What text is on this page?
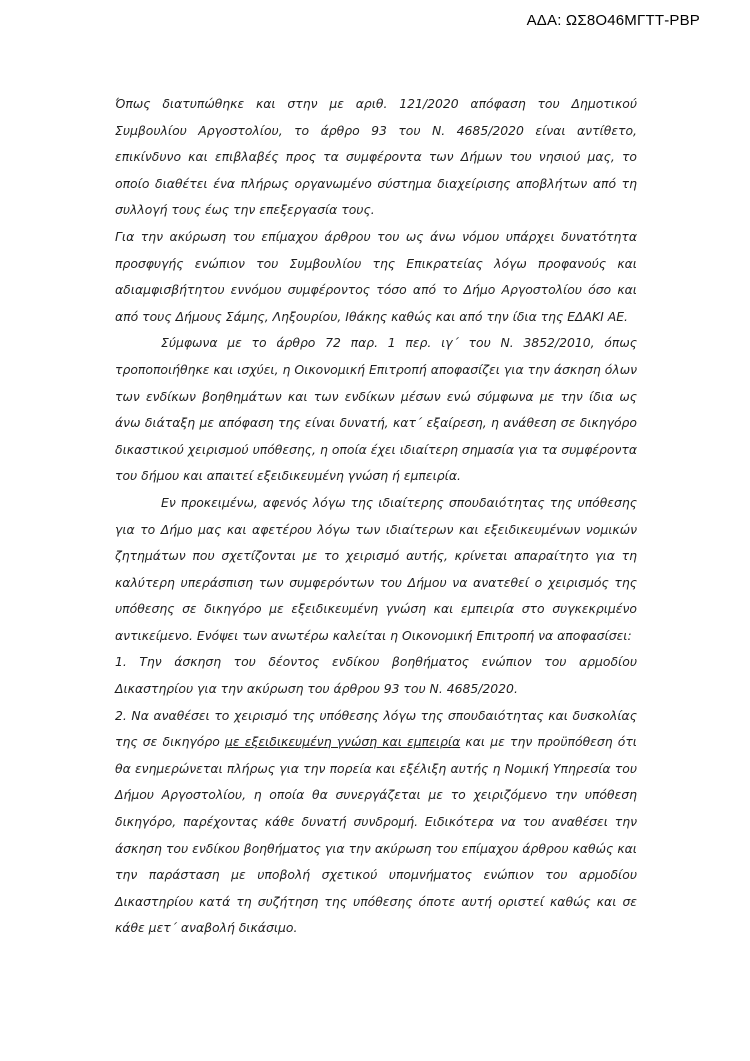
ΑΔΑ: ΩΣ8Ο46ΜΓΤΤ-ΡΒΡ

Όπως διατυπώθηκε και στην με αριθ. 121/2020 απόφαση του Δημοτικού Συμβουλίου Αργοστολίου, το άρθρο 93 του Ν. 4685/2020 είναι αντίθετο, επικίνδυνο και επιβλαβές προς τα συμφέροντα των Δήμων του νησιού μας, το οποίο διαθέτει ένα πλήρως οργανωμένο σύστημα διαχείρισης αποβλήτων από τη συλλογή τους έως την επεξεργασία τους.

Για την ακύρωση του επίμαχου άρθρου του ως άνω νόμου υπάρχει δυνατότητα προσφυγής ενώπιον του Συμβουλίου της Επικρατείας λόγω προφανούς και αδιαμφισβήτητου εννόμου συμφέροντος τόσο από το Δήμο Αργοστολίου όσο και από τους Δήμους Σάμης, Ληξουρίου, Ιθάκης καθώς και από την ίδια της ΕΔΑΚΙ ΑΕ.

Σύμφωνα με το άρθρο 72 παρ. 1 περ. ιγ΄ του Ν. 3852/2010, όπως τροποποιήθηκε και ισχύει, η Οικονομική Επιτροπή αποφασίζει για την άσκηση όλων των ενδίκων βοηθημάτων και των ενδίκων μέσων ενώ σύμφωνα με την ίδια ως άνω διάταξη με απόφαση της είναι δυνατή, κατ΄ εξαίρεση, η ανάθεση σε δικηγόρο δικαστικού χειρισμού υπόθεσης, η οποία έχει ιδιαίτερη σημασία για τα συμφέροντα του δήμου και απαιτεί εξειδικευμένη γνώση ή εμπειρία.

Εν προκειμένω, αφενός λόγω της ιδιαίτερης σπουδαιότητας της υπόθεσης για το Δήμο μας και αφετέρου λόγω των ιδιαίτερων και εξειδικευμένων νομικών ζητημάτων που σχετίζονται με το χειρισμό αυτής, κρίνεται απαραίτητο για τη καλύτερη υπεράσπιση των συμφερόντων του Δήμου να ανατεθεί ο χειρισμός της υπόθεσης σε δικηγόρο με εξειδικευμένη γνώση και εμπειρία στο συγκεκριμένο αντικείμενο. Ενόψει των ανωτέρω καλείται η Οικονομική Επιτροπή να αποφασίσει:

1. Την άσκηση του δέοντος ενδίκου βοηθήματος ενώπιον του αρμοδίου Δικαστηρίου για την ακύρωση του άρθρου 93 του Ν. 4685/2020.

2. Να αναθέσει το χειρισμό της υπόθεσης λόγω της σπουδαιότητας και δυσκολίας της σε δικηγόρο με εξειδικευμένη γνώση και εμπειρία και με την προϋπόθεση ότι θα ενημερώνεται πλήρως για την πορεία και εξέλιξη αυτής η Νομική Υπηρεσία του Δήμου Αργοστολίου, η οποία θα συνεργάζεται με το χειριζόμενο την υπόθεση δικηγόρο, παρέχοντας κάθε δυνατή συνδρομή. Ειδικότερα να του αναθέσει την άσκηση του ενδίκου βοηθήματος για την ακύρωση του επίμαχου άρθρου καθώς και την παράσταση με υποβολή σχετικού υπομνήματος ενώπιον του αρμοδίου Δικαστηρίου κατά τη συζήτηση της υπόθεσης όποτε αυτή οριστεί καθώς και σε κάθε μετ΄ αναβολή δικάσιμο.
